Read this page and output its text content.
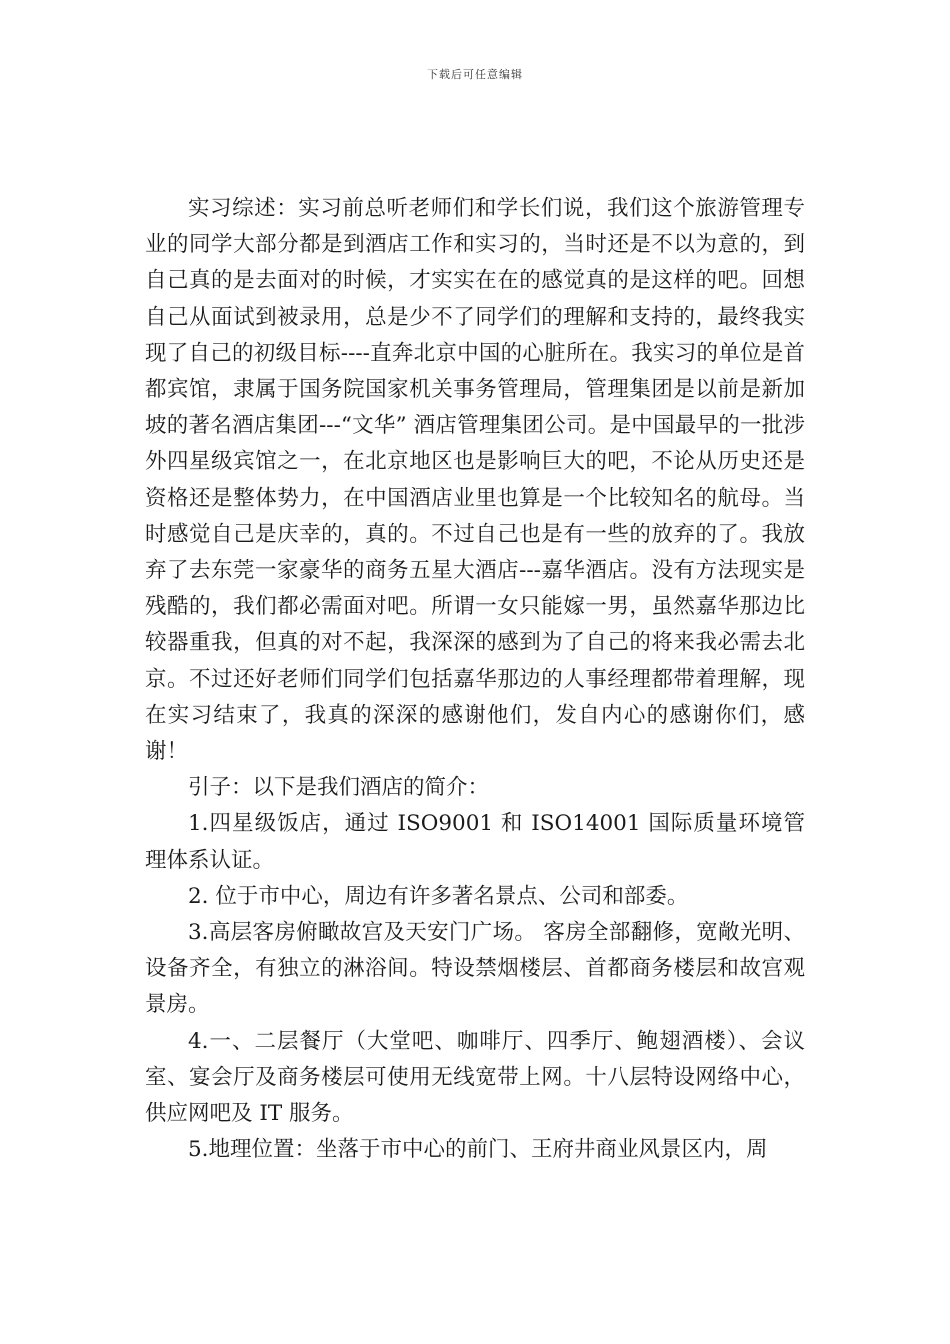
下载后可任意编辑

实习综述：实习前总听老师们和学长们说，我们这个旅游管理专业的同学大部分都是到酒店工作和实习的，当时还是不以为意的，到自己真的是去面对的时候，才实实在在的感觉真的是这样的吧。回想自己从面试到被录用，总是少不了同学们的理解和支持的，最终我实现了自己的初级目标----直奔北京中国的心脏所在。我实习的单位是首都宾馆，隶属于国务院国家机关事务管理局，管理集团是以前是新加坡的著名酒店集团---“文华” 酒店管理集团公司。是中国最早的一批涉外四星级宾馆之一，在北京地区也是影响巨大的吧，不论从历史还是资格还是整体势力，在中国酒店业里也算是一个比较知名的航母。当时感觉自己是庆幸的，真的。不过自己也是有一些的放弃的了。我放弃了去东莞一家豪华的商务五星大酒店---嘉华酒店。没有方法现实是残酷的，我们都必需面对吧。所谓一女只能嫁一男，虽然嘉华那边比较器重我，但真的对不起，我深深的感到为了自己的将来我必需去北京。不过还好老师们同学们包括嘉华那边的人事经理都带着理解，现在实习结束了，我真的深深的感谢他们，发自内心的感谢你们，感谢！

引子：以下是我们酒店的简介：

1.四星级饭店，通过 ISO9001 和 ISO14001 国际质量环境管理体系认证。

2. 位于市中心，周边有许多著名景点、公司和部委。

3.高层客房俯瞰故宫及天安门广场。 客房全部翻修，宽敞光明、设备齐全，有独立的淋浴间。特设禁烟楼层、首都商务楼层和故宫观景房。

4.一、二层餐厅（大堂吧、咖啡厅、四季厅、鲍翅酒楼）、会议室、宴会厅及商务楼层可使用无线宽带上网。十八层特设网络中心，供应网吧及 IT 服务。

5.地理位置：坐落于市中心的前门、王府井商业风景区内，周
